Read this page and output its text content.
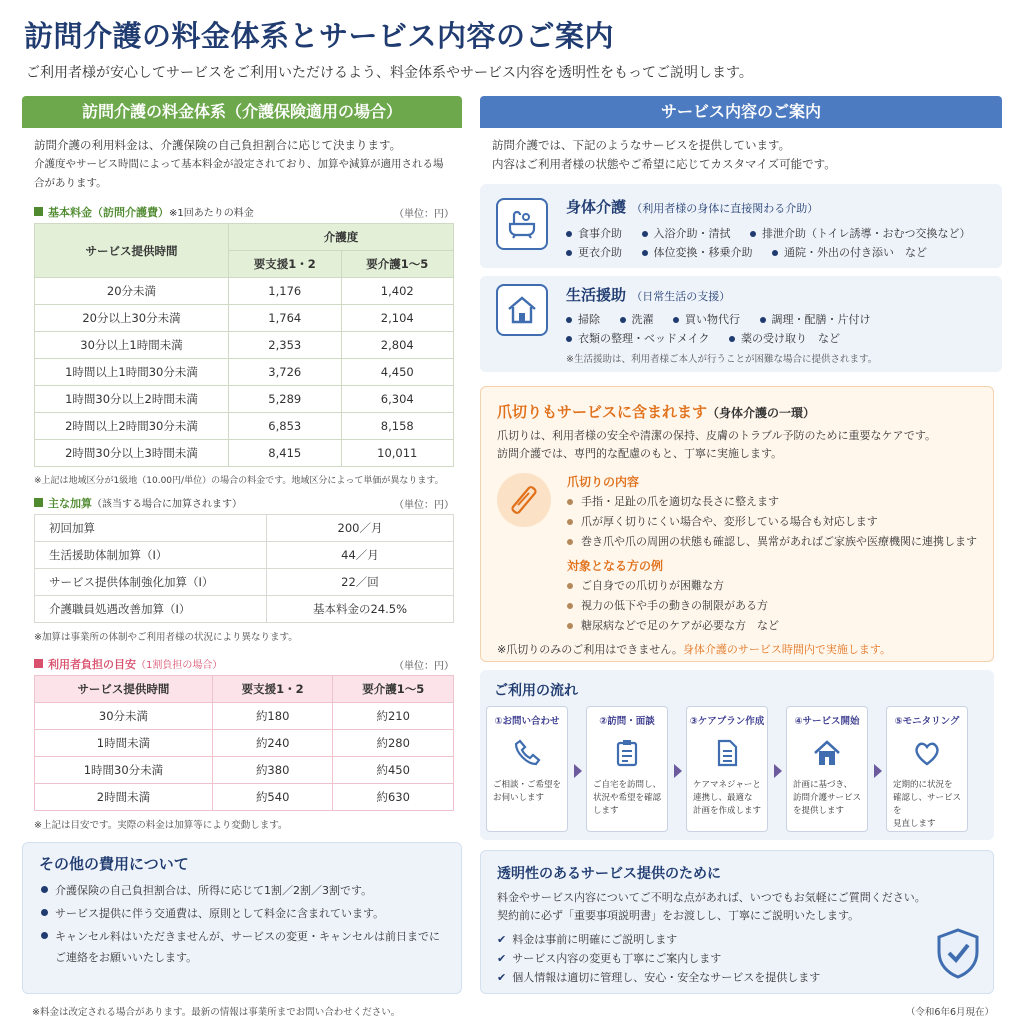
訪問介護の料金体系とサービス内容のご案内
ご利用者様が安心してサービスをご利用いただけるよう、料金体系やサービス内容を透明性をもってご説明します。
訪問介護の料金体系（介護保険適用の場合）
訪問介護の利用料金は、介護保険の自己負担割合に応じて決まります。
介護度やサービス時間によって基本料金が設定されており、加算や減算が適用される場合があります。
基本料金（訪問介護費）※1回あたりの料金	（単位：円）
サービス提供時間	介護度	
	要支援1・2	要介護1～5
20分未満	1,176	1,402
20分以上30分未満	1,764	2,104
30分以上1時間未満	2,353	2,804
1時間以上1時間30分未満	3,726	4,450
1時間30分以上2時間未満	5,289	6,304
2時間以上2時間30分未満	6,853	8,158
2時間30分以上3時間未満	8,415	10,011
※上記は地域区分が1級地（10.00円/単位）の場合の料金です。地域区分によって単価が異なります。
主な加算（該当する場合に加算されます）	（単位：円）
初回加算	200／月
生活援助体制加算（Ⅰ）	44／月
サービス提供体制強化加算（Ⅰ）	22／回
介護職員処遇改善加算（Ⅰ）	基本料金の24.5%
※加算は事業所の体制やご利用者様の状況により異なります。
利用者負担の目安（1割負担の場合）	（単位：円）
サービス提供時間	要支援1・2	要介護1～5
30分未満	約180	約210
1時間未満	約240	約280
1時間30分未満	約380	約450
2時間未満	約540	約630
※上記は目安です。実際の料金は加算等により変動します。
その他の費用について
介護保険の自己負担割合は、所得に応じて1割／2割／3割です。
サービス提供に伴う交通費は、原則として料金に含まれています。
キャンセル料はいただきませんが、サービスの変更・キャンセルは前日までに
ご連絡をお願いいたします。
サービス内容のご案内
訪問介護では、下記のようなサービスを提供しています。
内容はご利用者様の状態やご希望に応じてカスタマイズ可能です。
身体介護 （利用者様の身体に直接関わる介助）
食事介助	入浴介助・清拭	排泄介助（トイレ誘導・おむつ交換など）
更衣介助	体位変換・移乗介助	通院・外出の付き添い　など
生活援助 （日常生活の支援）
掃除	洗濯	買い物代行	調理・配膳・片付け
衣類の整理・ベッドメイク	薬の受け取り　など
※生活援助は、利用者様ご本人が行うことが困難な場合に提供されます。
爪切りもサービスに含まれます（身体介護の一環）
爪切りは、利用者様の安全や清潔の保持、皮膚のトラブル予防のために重要なケアです。
訪問介護では、専門的な配慮のもと、丁寧に実施します。
爪切りの内容
手指・足趾の爪を適切な長さに整えます
爪が厚く切りにくい場合や、変形している場合も対応します
巻き爪や爪の周囲の状態も確認し、異常があればご家族や医療機関に連携します
対象となる方の例
ご自身での爪切りが困難な方
視力の低下や手の動きの制限がある方
糖尿病などで足のケアが必要な方　など
※爪切りのみのご利用はできません。身体介護のサービス時間内で実施します。
ご利用の流れ
①お問い合わせ
ご相談・ご希望を
お伺いします
②訪問・面談
ご自宅を訪問し、
状況や希望を確認
します
③ケアプラン作成
ケアマネジャーと
連携し、最適な
計画を作成します
④サービス開始
計画に基づき、
訪問介護サービス
を提供します
⑤モニタリング
定期的に状況を
確認し、サービスを
見直します
透明性のあるサービス提供のために
料金やサービス内容についてご不明な点があれば、いつでもお気軽にご質問ください。
契約前に必ず「重要事項説明書」をお渡しし、丁寧にご説明いたします。
✔ 料金は事前に明確にご説明します
✔ サービス内容の変更も丁寧にご案内します
✔ 個人情報は適切に管理し、安心・安全なサービスを提供します
※料金は改定される場合があります。最新の情報は事業所までお問い合わせください。	（令和6年6月現在）
